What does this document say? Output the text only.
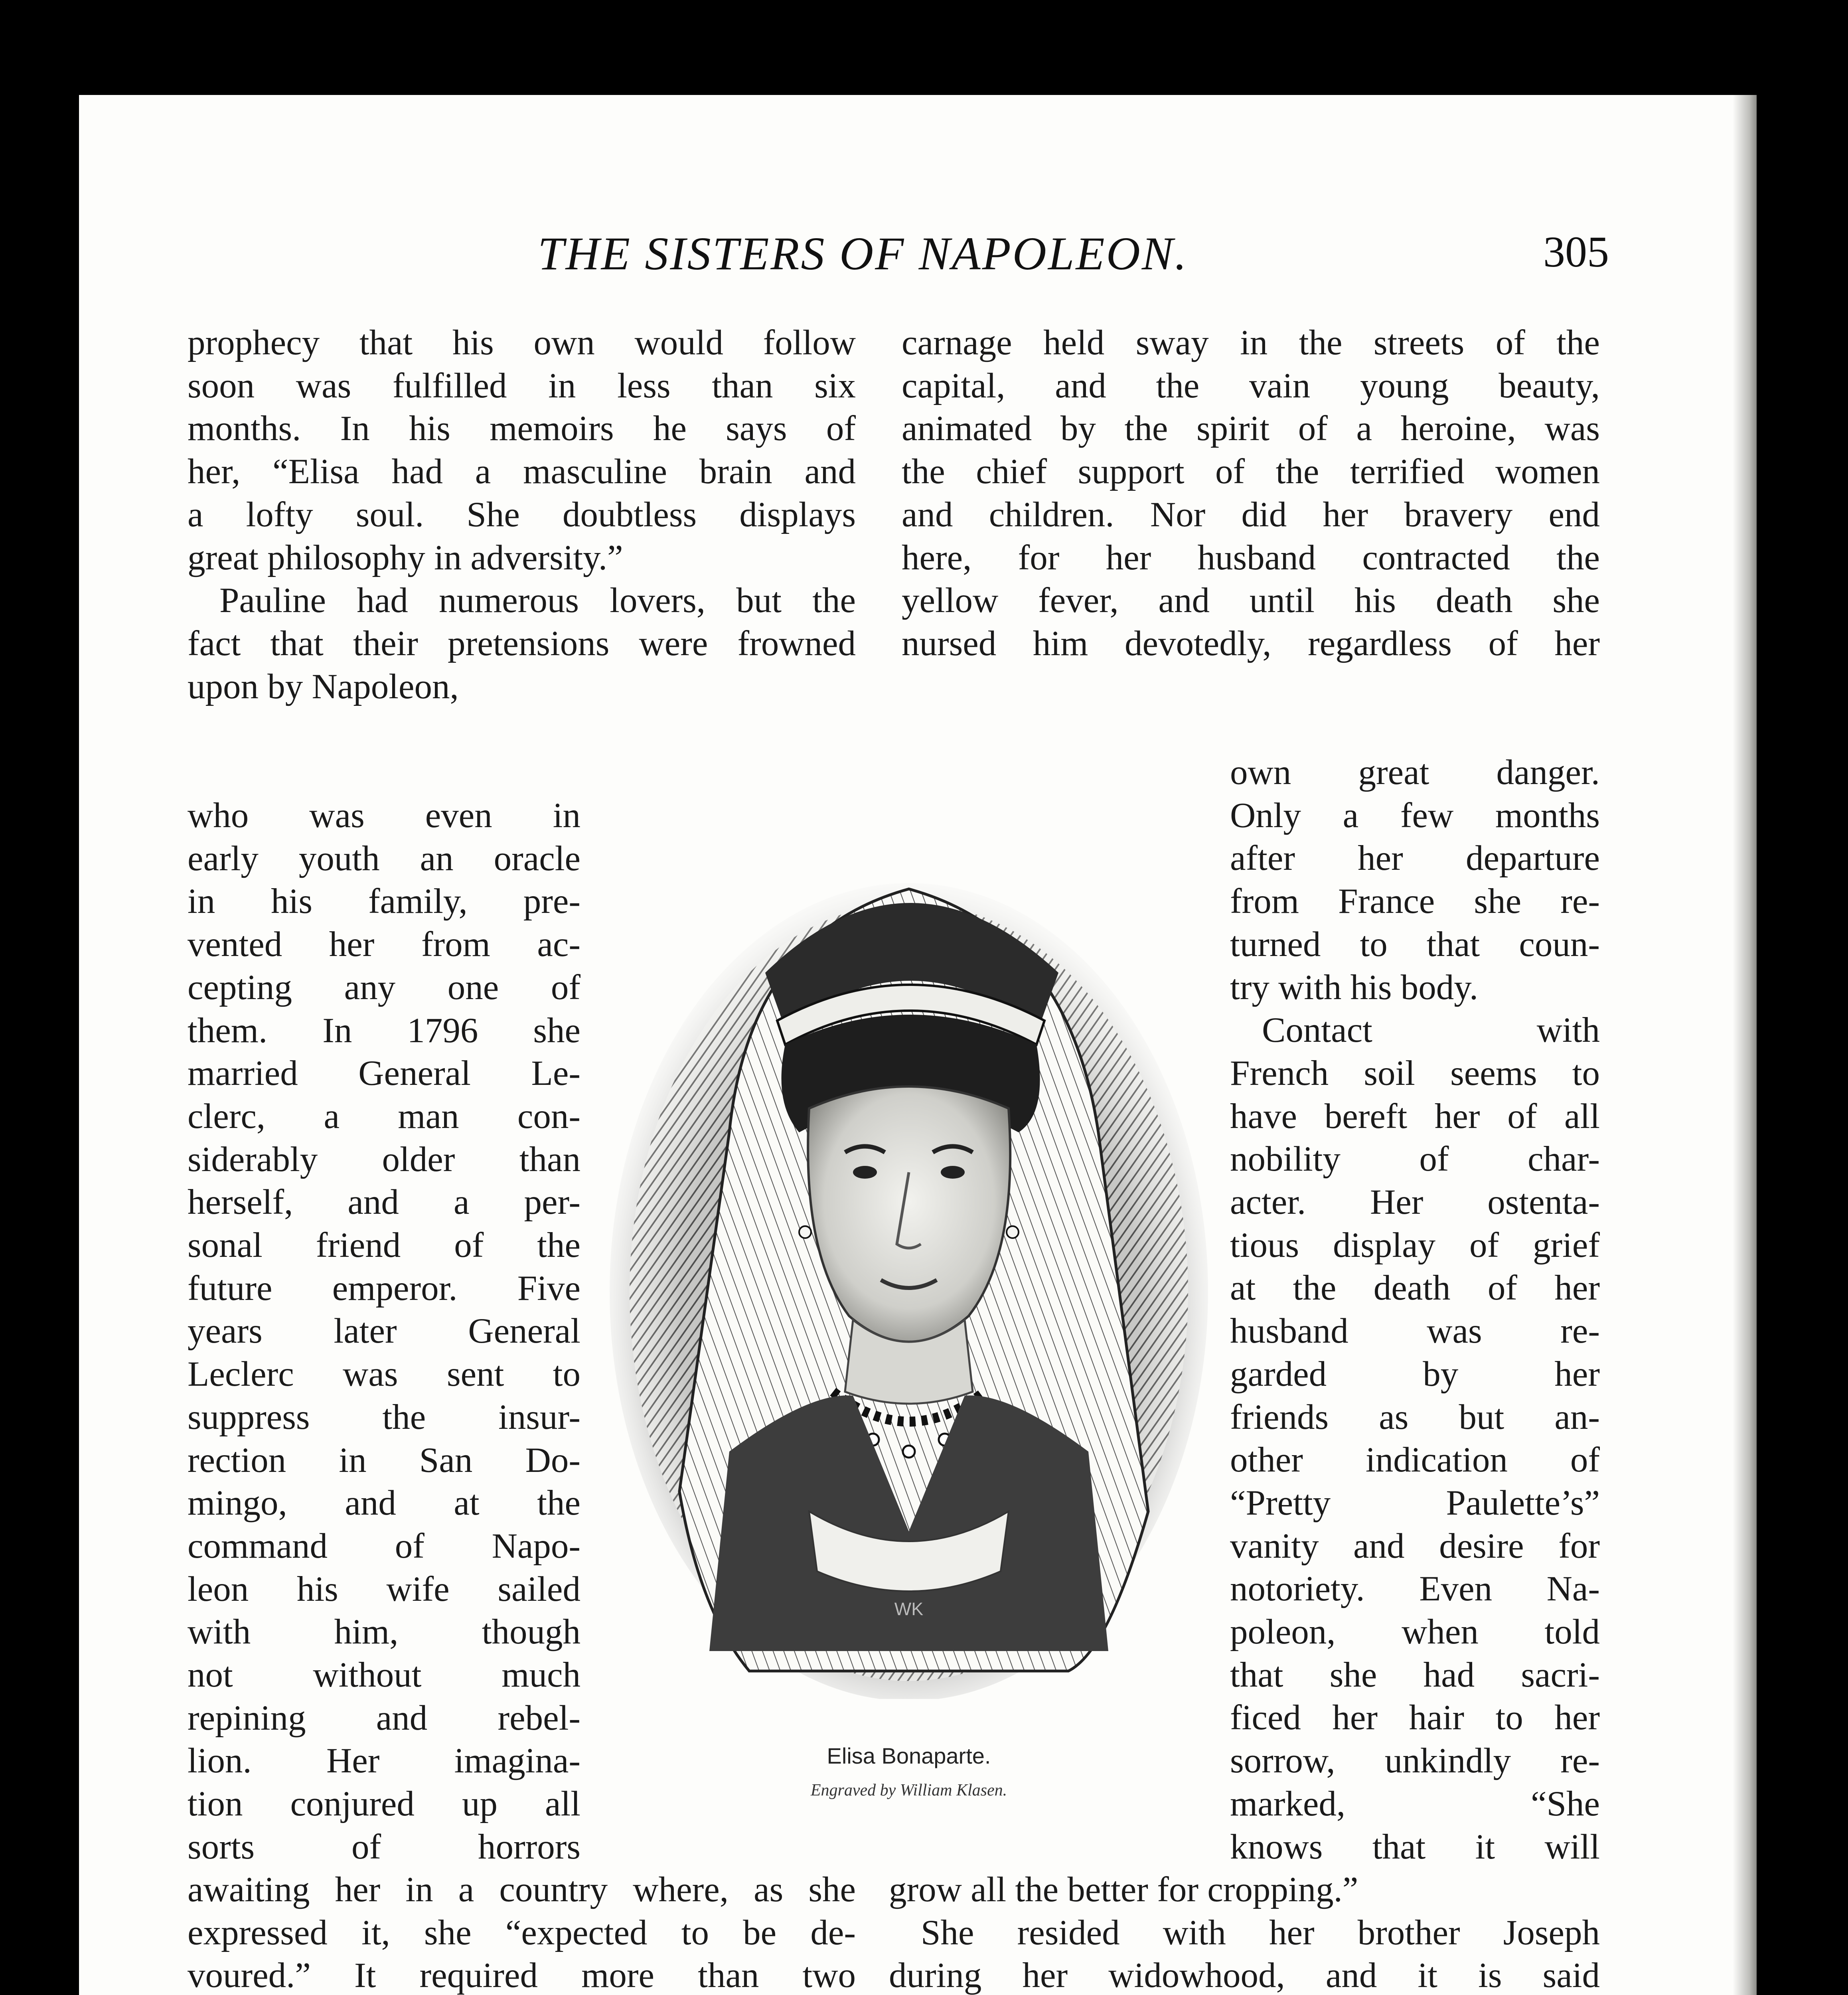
THE SISTERS OF NAPOLEON.	305
prophecy that his own would follow
soon was fulfilled in less than six
months. In his memoirs he says of
her, “Elisa had a masculine brain and
a lofty soul. She doubtless displays
great philosophy in adversity.”
Pauline had numerous lovers, but the
fact that their pretensions were frowned
upon by Napoleon,
who was even in
early youth an oracle
in his family, pre-
vented her from ac-
cepting any one of
them. In 1796 she
married General Le-
clerc, a man con-
siderably older than
herself, and a per-
sonal friend of the
future emperor. Five
years later General
Leclerc was sent to
suppress the insur-
rection in San Do-
mingo, and at the
command of Napo-
leon his wife sailed
with him, though
not without much
repining and rebel-
lion. Her imagina-
tion conjured up all
sorts of horrors
awaiting her in a country where, as she
expressed it, she “expected to be de-
voured.” It required more than two
carnage held sway in the streets of the
capital, and the vain young beauty,
animated by the spirit of a heroine, was
the chief support of the terrified women
and children. Nor did her bravery end
here, for her husband contracted the
yellow fever, and until his death she
nursed him devotedly, regardless of her
own great danger.
Only a few months
after her departure
from France she re-
turned to that coun-
try with his body.
Contact with
French soil seems to
have bereft her of all
nobility of char-
acter. Her ostenta-
tious display of grief
at the death of her
husband was re-
garded by her
friends as but an-
other indication of
“Pretty Paulette’s”
vanity and desire for
notoriety. Even Na-
poleon, when told
that she had sacri-
ficed her hair to her
sorrow, unkindly re-
marked, “She
knows that it will
grow all the better for cropping.”
She resided with her brother Joseph
during her widowhood, and it is said
WK
Elisa Bonaparte.
Engraved by William Klasen.
